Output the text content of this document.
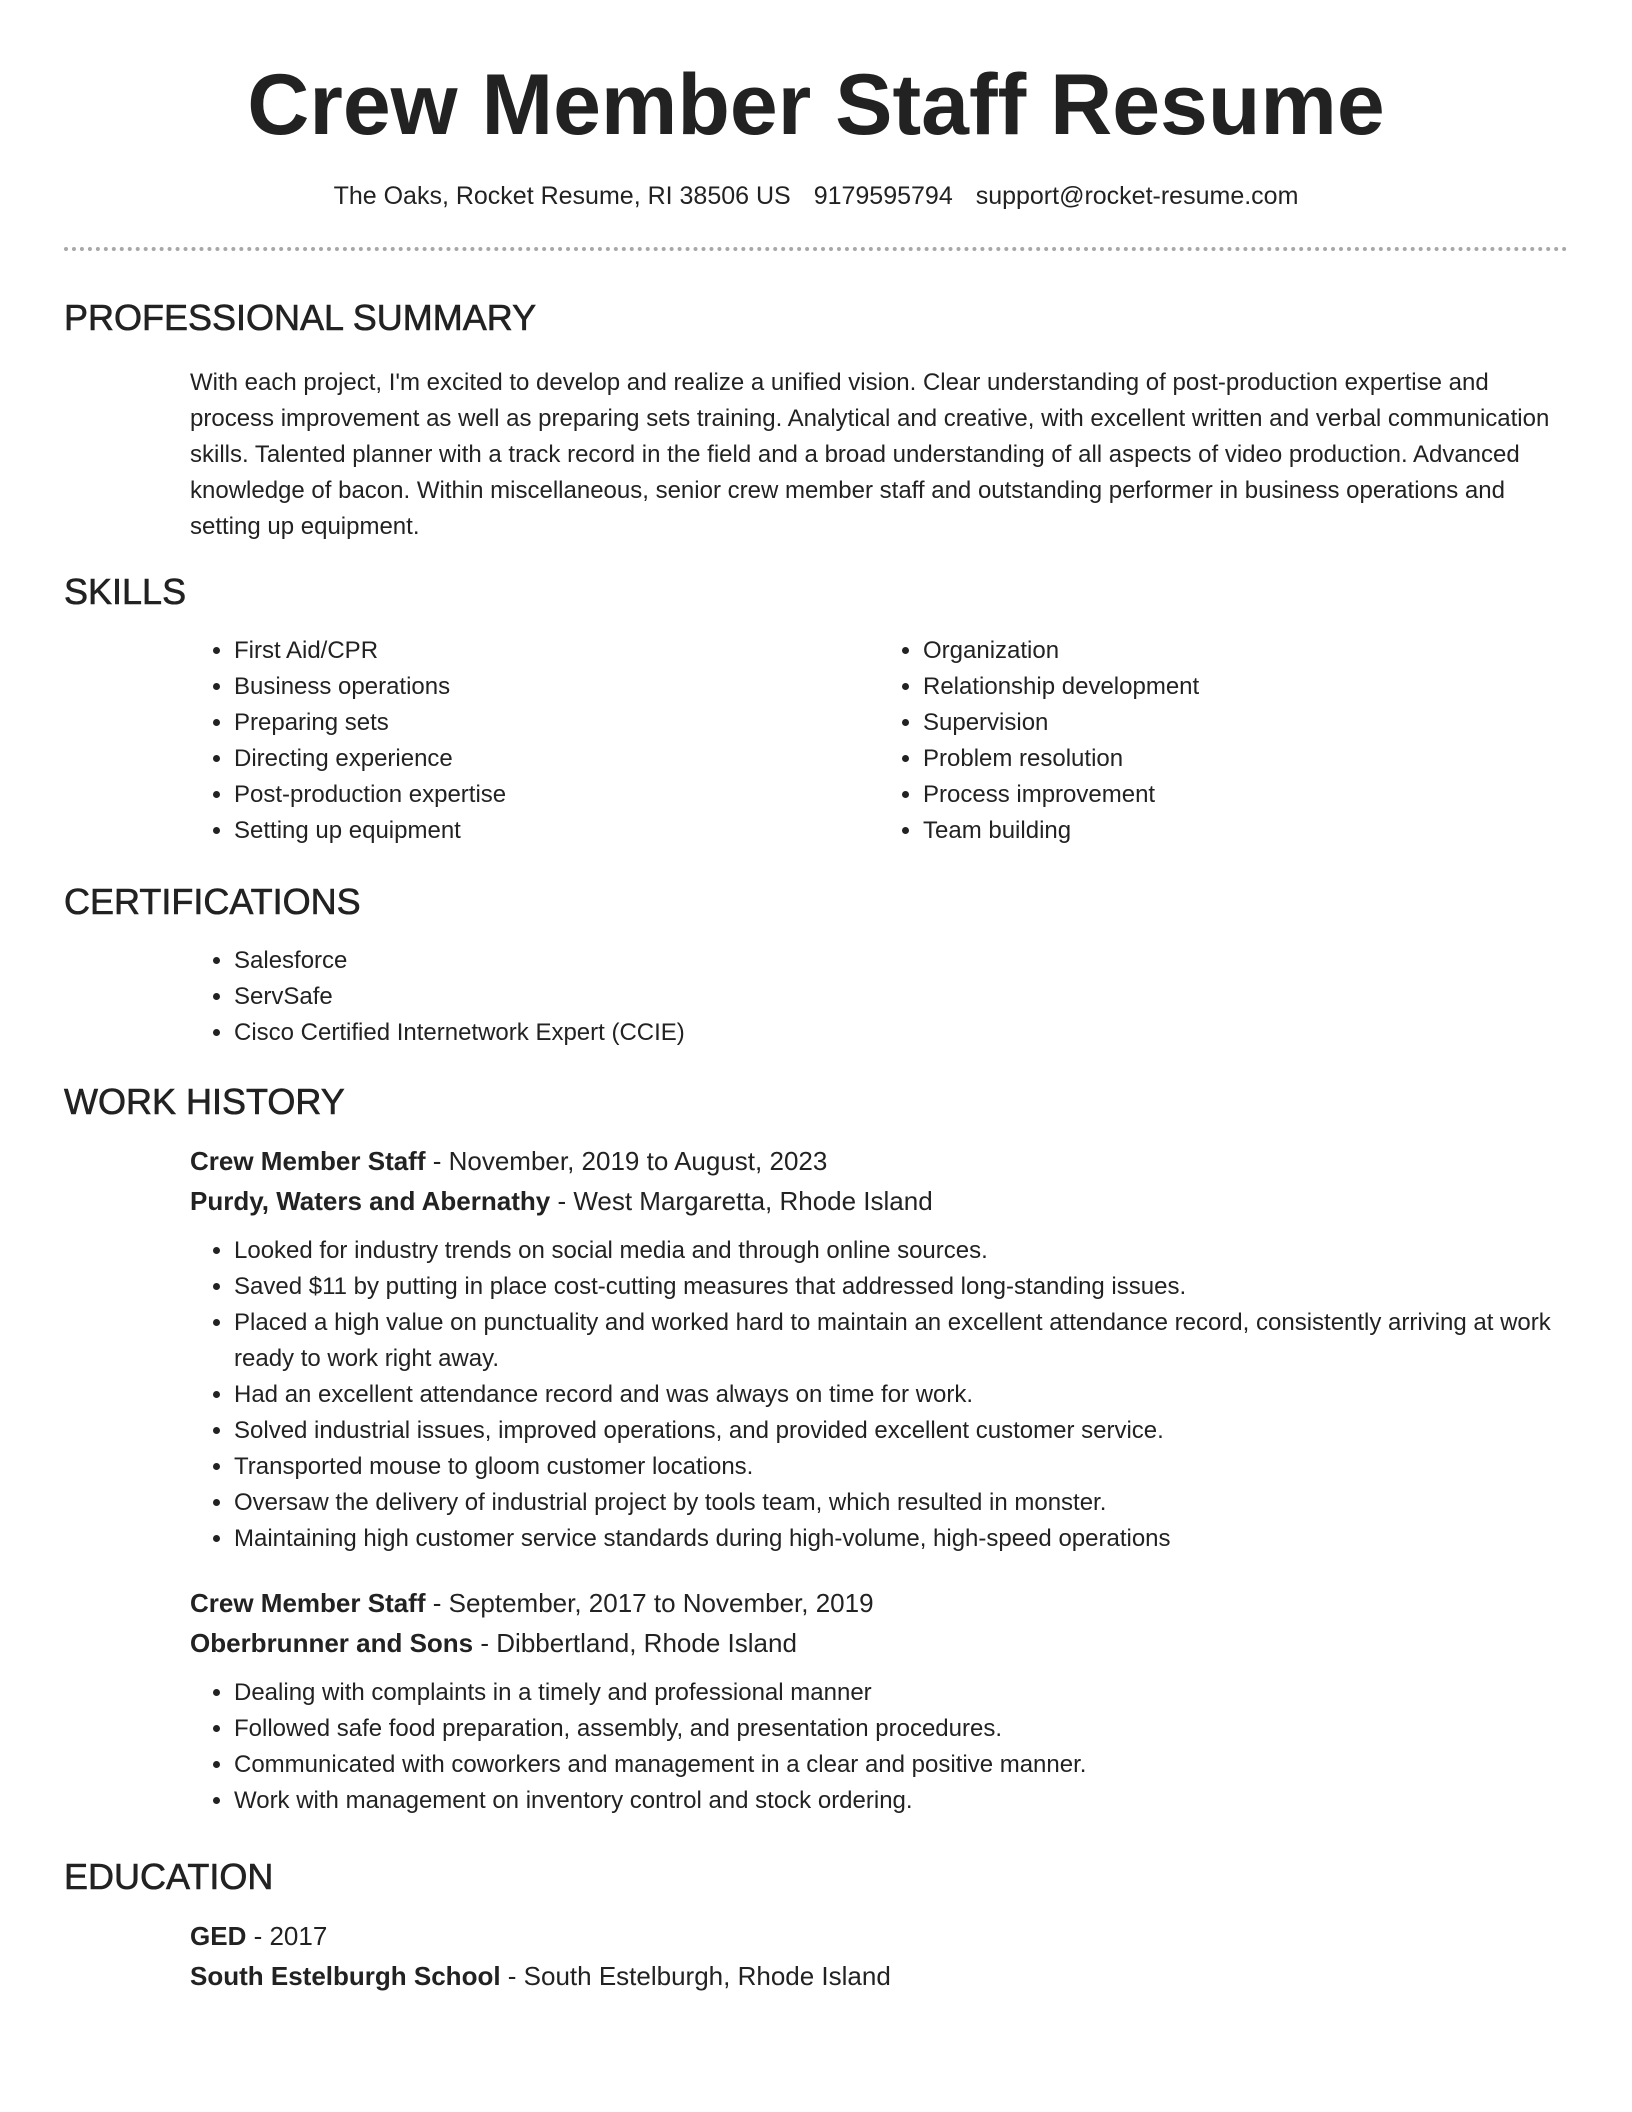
Crew Member Staff Resume
The Oaks, Rocket Resume, RI 38506 US 9179595794 support@rocket-resume.com
PROFESSIONAL SUMMARY

With each project, I'm excited to develop and realize a unified vision. Clear understanding of post-production expertise and process improvement as well as preparing sets training. Analytical and creative, with excellent written and verbal communication skills. Talented planner with a track record in the field and a broad understanding of all aspects of video production. Advanced knowledge of bacon. Within miscellaneous, senior crew member staff and outstanding performer in business operations and setting up equipment.

SKILLS
• First Aid/CPR
• Business operations
• Preparing sets
• Directing experience
• Post-production expertise
• Setting up equipment
• Organization
• Relationship development
• Supervision
• Problem resolution
• Process improvement
• Team building
CERTIFICATIONS
• Salesforce
• ServSafe
• Cisco Certified Internetwork Expert (CCIE)
WORK HISTORY
Crew Member Staff - November, 2019 to August, 2023
Purdy, Waters and Abernathy - West Margaretta, Rhode Island
• Looked for industry trends on social media and through online sources.
• Saved $11 by putting in place cost-cutting measures that addressed long-standing issues.
• Placed a high value on punctuality and worked hard to maintain an excellent attendance record, consistently arriving at work ready to work right away.
• Had an excellent attendance record and was always on time for work.
• Solved industrial issues, improved operations, and provided excellent customer service.
• Transported mouse to gloom customer locations.
• Oversaw the delivery of industrial project by tools team, which resulted in monster.
• Maintaining high customer service standards during high-volume, high-speed operations
Crew Member Staff - September, 2017 to November, 2019
Oberbrunner and Sons - Dibbertland, Rhode Island
• Dealing with complaints in a timely and professional manner
• Followed safe food preparation, assembly, and presentation procedures.
• Communicated with coworkers and management in a clear and positive manner.
• Work with management on inventory control and stock ordering.
EDUCATION
GED - 2017
South Estelburgh School - South Estelburgh, Rhode Island
